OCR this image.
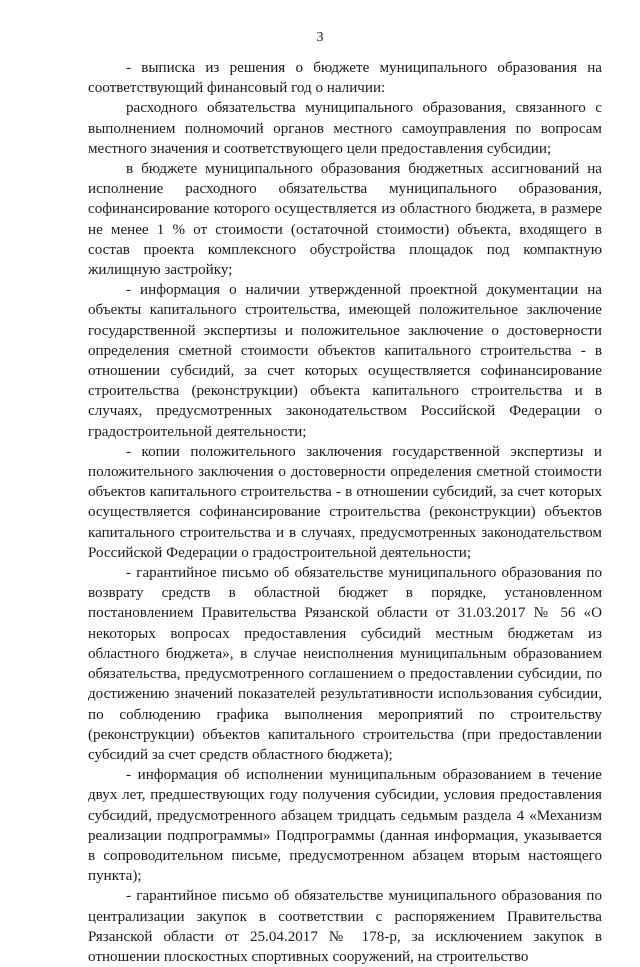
3

- выписка из решения о бюджете муниципального образования на соответствующий финансовый год о наличии:

расходного обязательства муниципального образования, связанного с выполнением полномочий органов местного самоуправления по вопросам местного значения и соответствующего цели предоставления субсидии;

в бюджете муниципального образования бюджетных ассигнований на исполнение расходного обязательства муниципального образования, софинансирование которого осуществляется из областного бюджета, в размере не менее 1 % от стоимости (остаточной стоимости) объекта, входящего в состав проекта комплексного обустройства площадок под компактную жилищную застройку;

- информация о наличии утвержденной проектной документации на объекты капитального строительства, имеющей положительное заключение государственной экспертизы и положительное заключение о достоверности определения сметной стоимости объектов капитального строительства - в отношении субсидий, за счет которых осуществляется софинансирование строительства (реконструкции) объекта капитального строительства и в случаях, предусмотренных законодательством Российской Федерации о градостроительной деятельности;

- копии положительного заключения государственной экспертизы и положительного заключения о достоверности определения сметной стоимости объектов капитального строительства - в отношении субсидий, за счет которых осуществляется софинансирование строительства (реконструкции) объектов капитального строительства и в случаях, предусмотренных законодательством Российской Федерации о градостроительной деятельности;

- гарантийное письмо об обязательстве муниципального образования по возврату средств в областной бюджет в порядке, установленном постановлением Правительства Рязанской области от 31.03.2017 № 56 «О некоторых вопросах предоставления субсидий местным бюджетам из областного бюджета», в случае неисполнения муниципальным образованием обязательства, предусмотренного соглашением о предоставлении субсидии, по достижению значений показателей результативности использования субсидии, по соблюдению графика выполнения мероприятий по строительству (реконструкции) объектов капитального строительства (при предоставлении субсидий за счет средств областного бюджета);

- информация об исполнении муниципальным образованием в течение двух лет, предшествующих году получения субсидии, условия предоставления субсидий, предусмотренного абзацем тридцать седьмым раздела 4 «Механизм реализации подпрограммы» Подпрограммы (данная информация, указывается в сопроводительном письме, предусмотренном абзацем вторым настоящего пункта);

- гарантийное письмо об обязательстве муниципального образования по централизации закупок в соответствии с распоряжением Правительства Рязанской области от 25.04.2017 № 178-р, за исключением закупок в отношении плоскостных спортивных сооружений, на строительство
